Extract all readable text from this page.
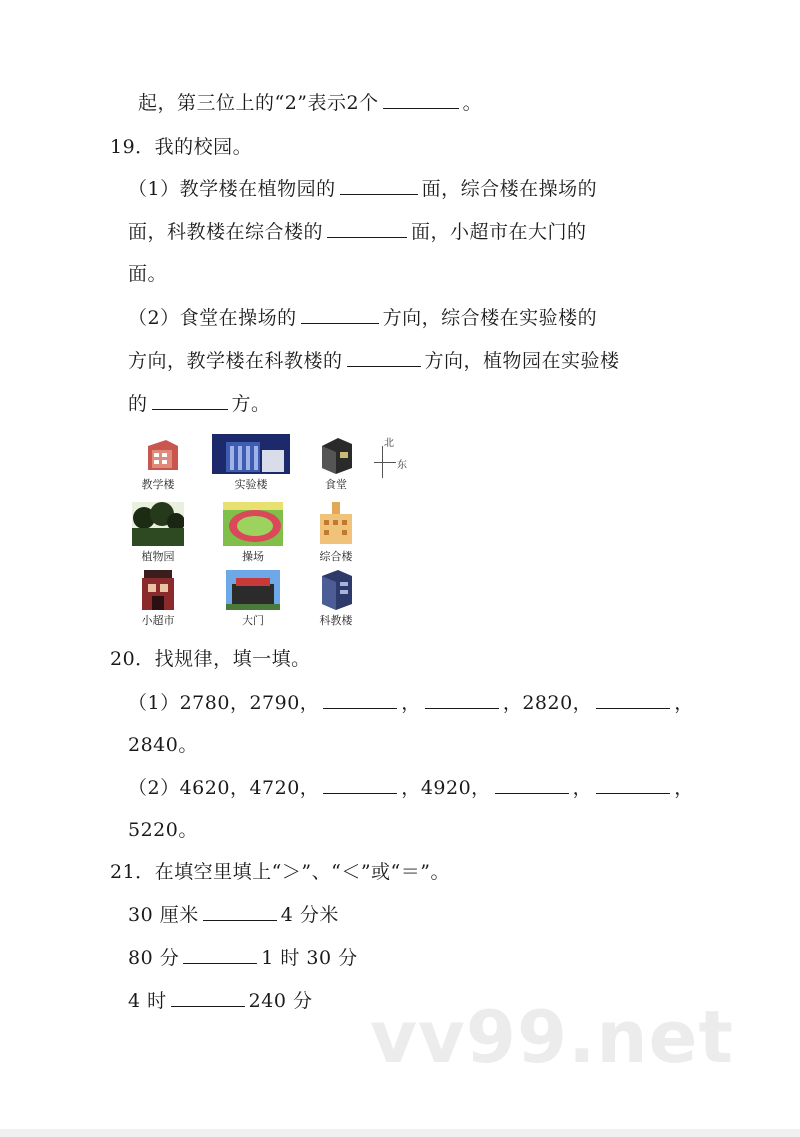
起，第三位上的“2”表示2个	。
19．我的校园。
（1）教学楼在植物园的	面，综合楼在操场的
面，科教楼在综合楼的	面，小超市在大门的
面。
（2）食堂在操场的	方向，综合楼在实验楼的
方向，教学楼在科教楼的	方向，植物园在实验楼
的	方。
教学楼	实验楼	食堂
植物园	操场	综合楼
小超市	大门	科教楼
北
东
20．找规律，填一填。
（1）2780，2790，	，	，2820，	，
2840。
（2）4620，4720，	，4920，	，	，
5220。
21．在填空里填上“＞”、“＜”或“＝”。
30 厘米	4 分米
80 分	1 时 30 分
4 时	240 分 vv99.net
